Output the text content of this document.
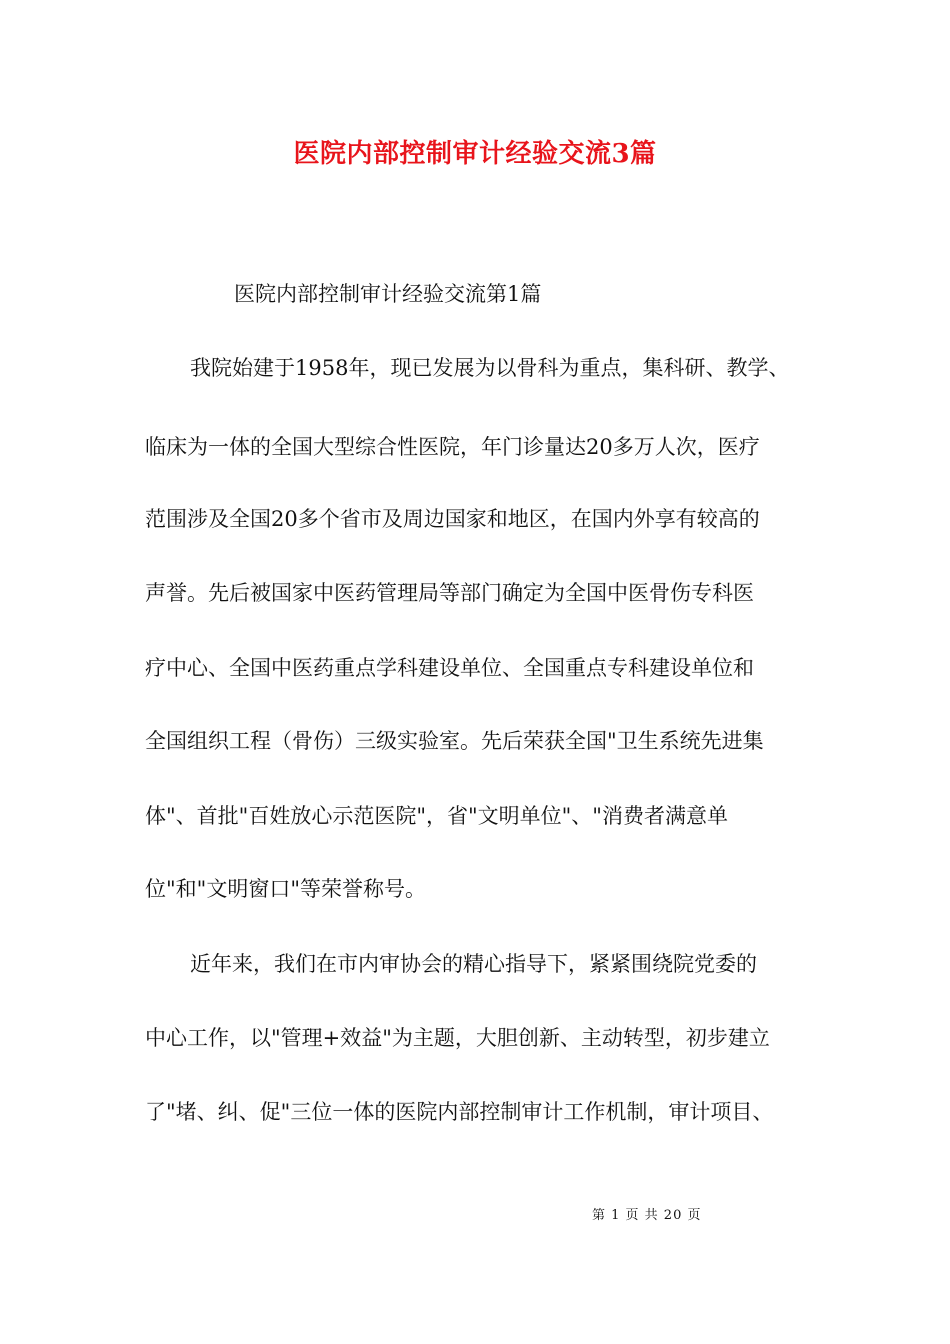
医院内部控制审计经验交流3篇
医院内部控制审计经验交流第1篇
我院始建于1958年，现已发展为以骨科为重点，集科研、教学、
临床为一体的全国大型综合性医院，年门诊量达20多万人次，医疗
范围涉及全国20多个省市及周边国家和地区，在国内外享有较高的
声誉。先后被国家中医药管理局等部门确定为全国中医骨伤专科医
疗中心、全国中医药重点学科建设单位、全国重点专科建设单位和
全国组织工程（骨伤）三级实验室。先后荣获全国"卫生系统先进集
体"、首批"百姓放心示范医院"，省"文明单位"、"消费者满意单
位"和"文明窗口"等荣誉称号。
近年来，我们在市内审协会的精心指导下，紧紧围绕院党委的
中心工作，以"管理+效益"为主题，大胆创新、主动转型，初步建立
了"堵、纠、促"三位一体的医院内部控制审计工作机制，审计项目、
第 1 页 共 20 页
